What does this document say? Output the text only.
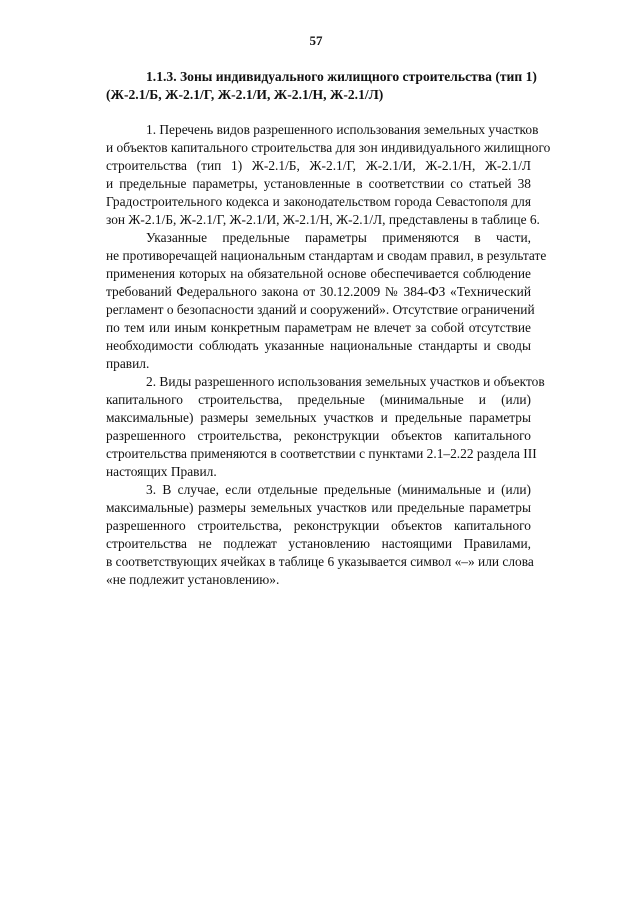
57
1.1.3. Зоны индивидуального жилищного строительства (тип 1)
(Ж-2.1/Б, Ж-2.1/Г, Ж-2.1/И, Ж-2.1/Н, Ж-2.1/Л)
1. Перечень видов разрешенного использования земельных участков
и объектов капитального строительства для зон индивидуального жилищного
строительства (тип 1) Ж-2.1/Б, Ж-2.1/Г, Ж-2.1/И, Ж-2.1/Н, Ж-2.1/Л
и предельные параметры, установленные в соответствии со статьей 38
Градостроительного кодекса и законодательством города Севастополя для
зон Ж-2.1/Б, Ж-2.1/Г, Ж-2.1/И, Ж-2.1/Н, Ж-2.1/Л, представлены в таблице 6.
Указанные предельные параметры применяются в части,
не противоречащей национальным стандартам и сводам правил, в результате
применения которых на обязательной основе обеспечивается соблюдение
требований Федерального закона от 30.12.2009 № 384-ФЗ «Технический
регламент о безопасности зданий и сооружений». Отсутствие ограничений
по тем или иным конкретным параметрам не влечет за собой отсутствие
необходимости соблюдать указанные национальные стандарты и своды
правил.
2. Виды разрешенного использования земельных участков и объектов
капитального строительства, предельные (минимальные и (или)
максимальные) размеры земельных участков и предельные параметры
разрешенного строительства, реконструкции объектов капитального
строительства применяются в соответствии с пунктами 2.1–2.22 раздела III
настоящих Правил.
3. В случае, если отдельные предельные (минимальные и (или)
максимальные) размеры земельных участков или предельные параметры
разрешенного строительства, реконструкции объектов капитального
строительства не подлежат установлению настоящими Правилами,
в соответствующих ячейках в таблице 6 указывается символ «–» или слова
«не подлежит установлению».
